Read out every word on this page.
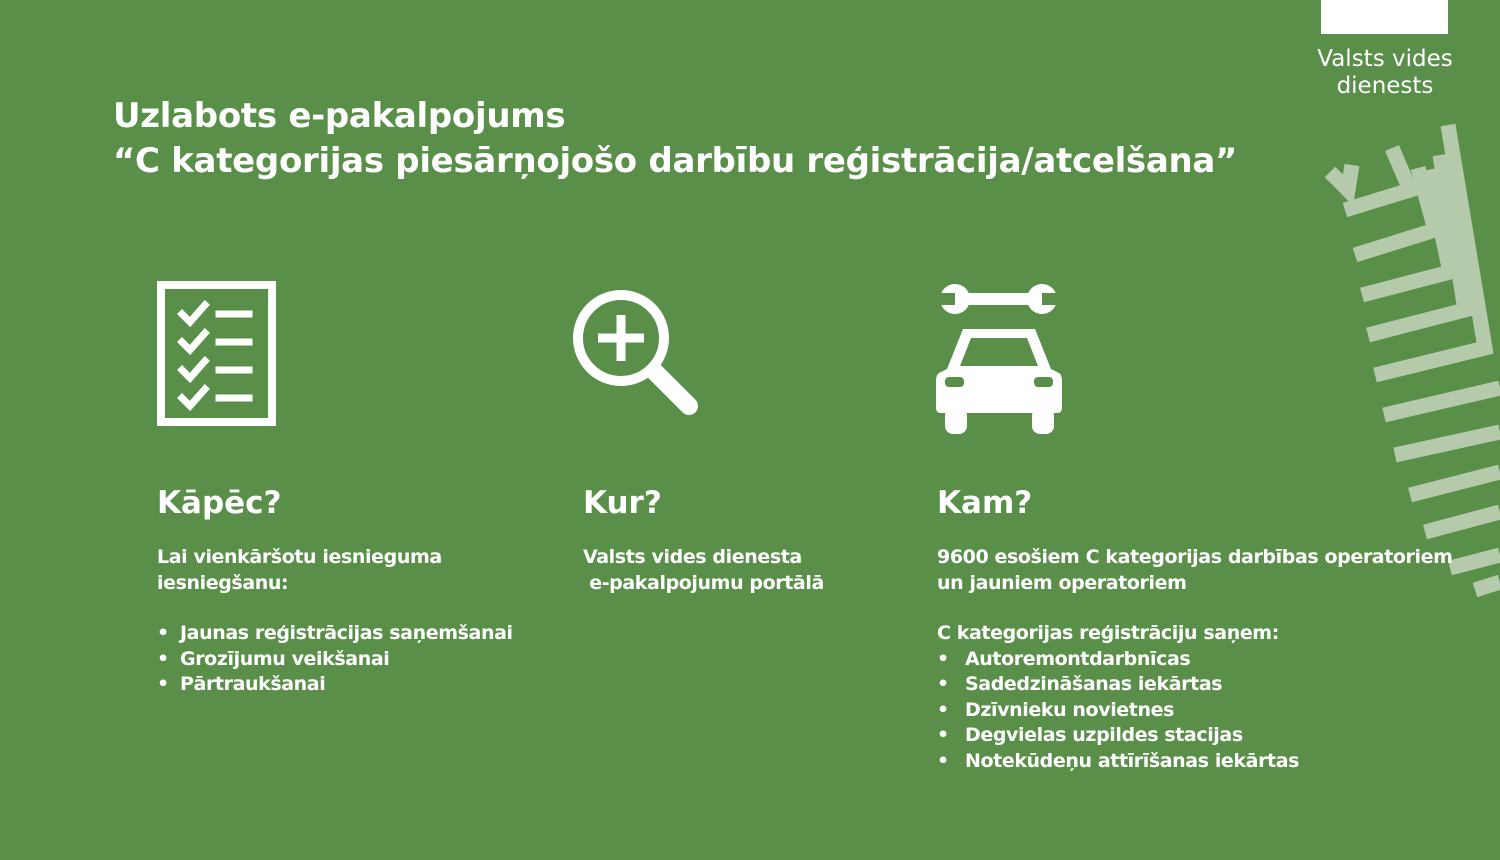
Valsts vides
dienests
Uzlabots e-pakalpojums
“C kategorijas piesārņojošo darbību reģistrācija/atcelšana”
Kāpēc?
Lai vienkāršotu iesnieguma
iesniegšanu:
• Jaunas reģistrācijas saņemšanai
• Grozījumu veikšanai
• Pārtraukšanai
Kur?
Valsts vides dienesta
e-pakalpojumu portālā
Kam?
9600 esošiem C kategorijas darbības operatoriem
un jauniem operatoriem
C kategorijas reģistrāciju saņem:
• Autoremontdarbnīcas
• Sadedzināšanas iekārtas
• Dzīvnieku novietnes
• Degvielas uzpildes stacijas
• Notekūdeņu attīrīšanas iekārtas
